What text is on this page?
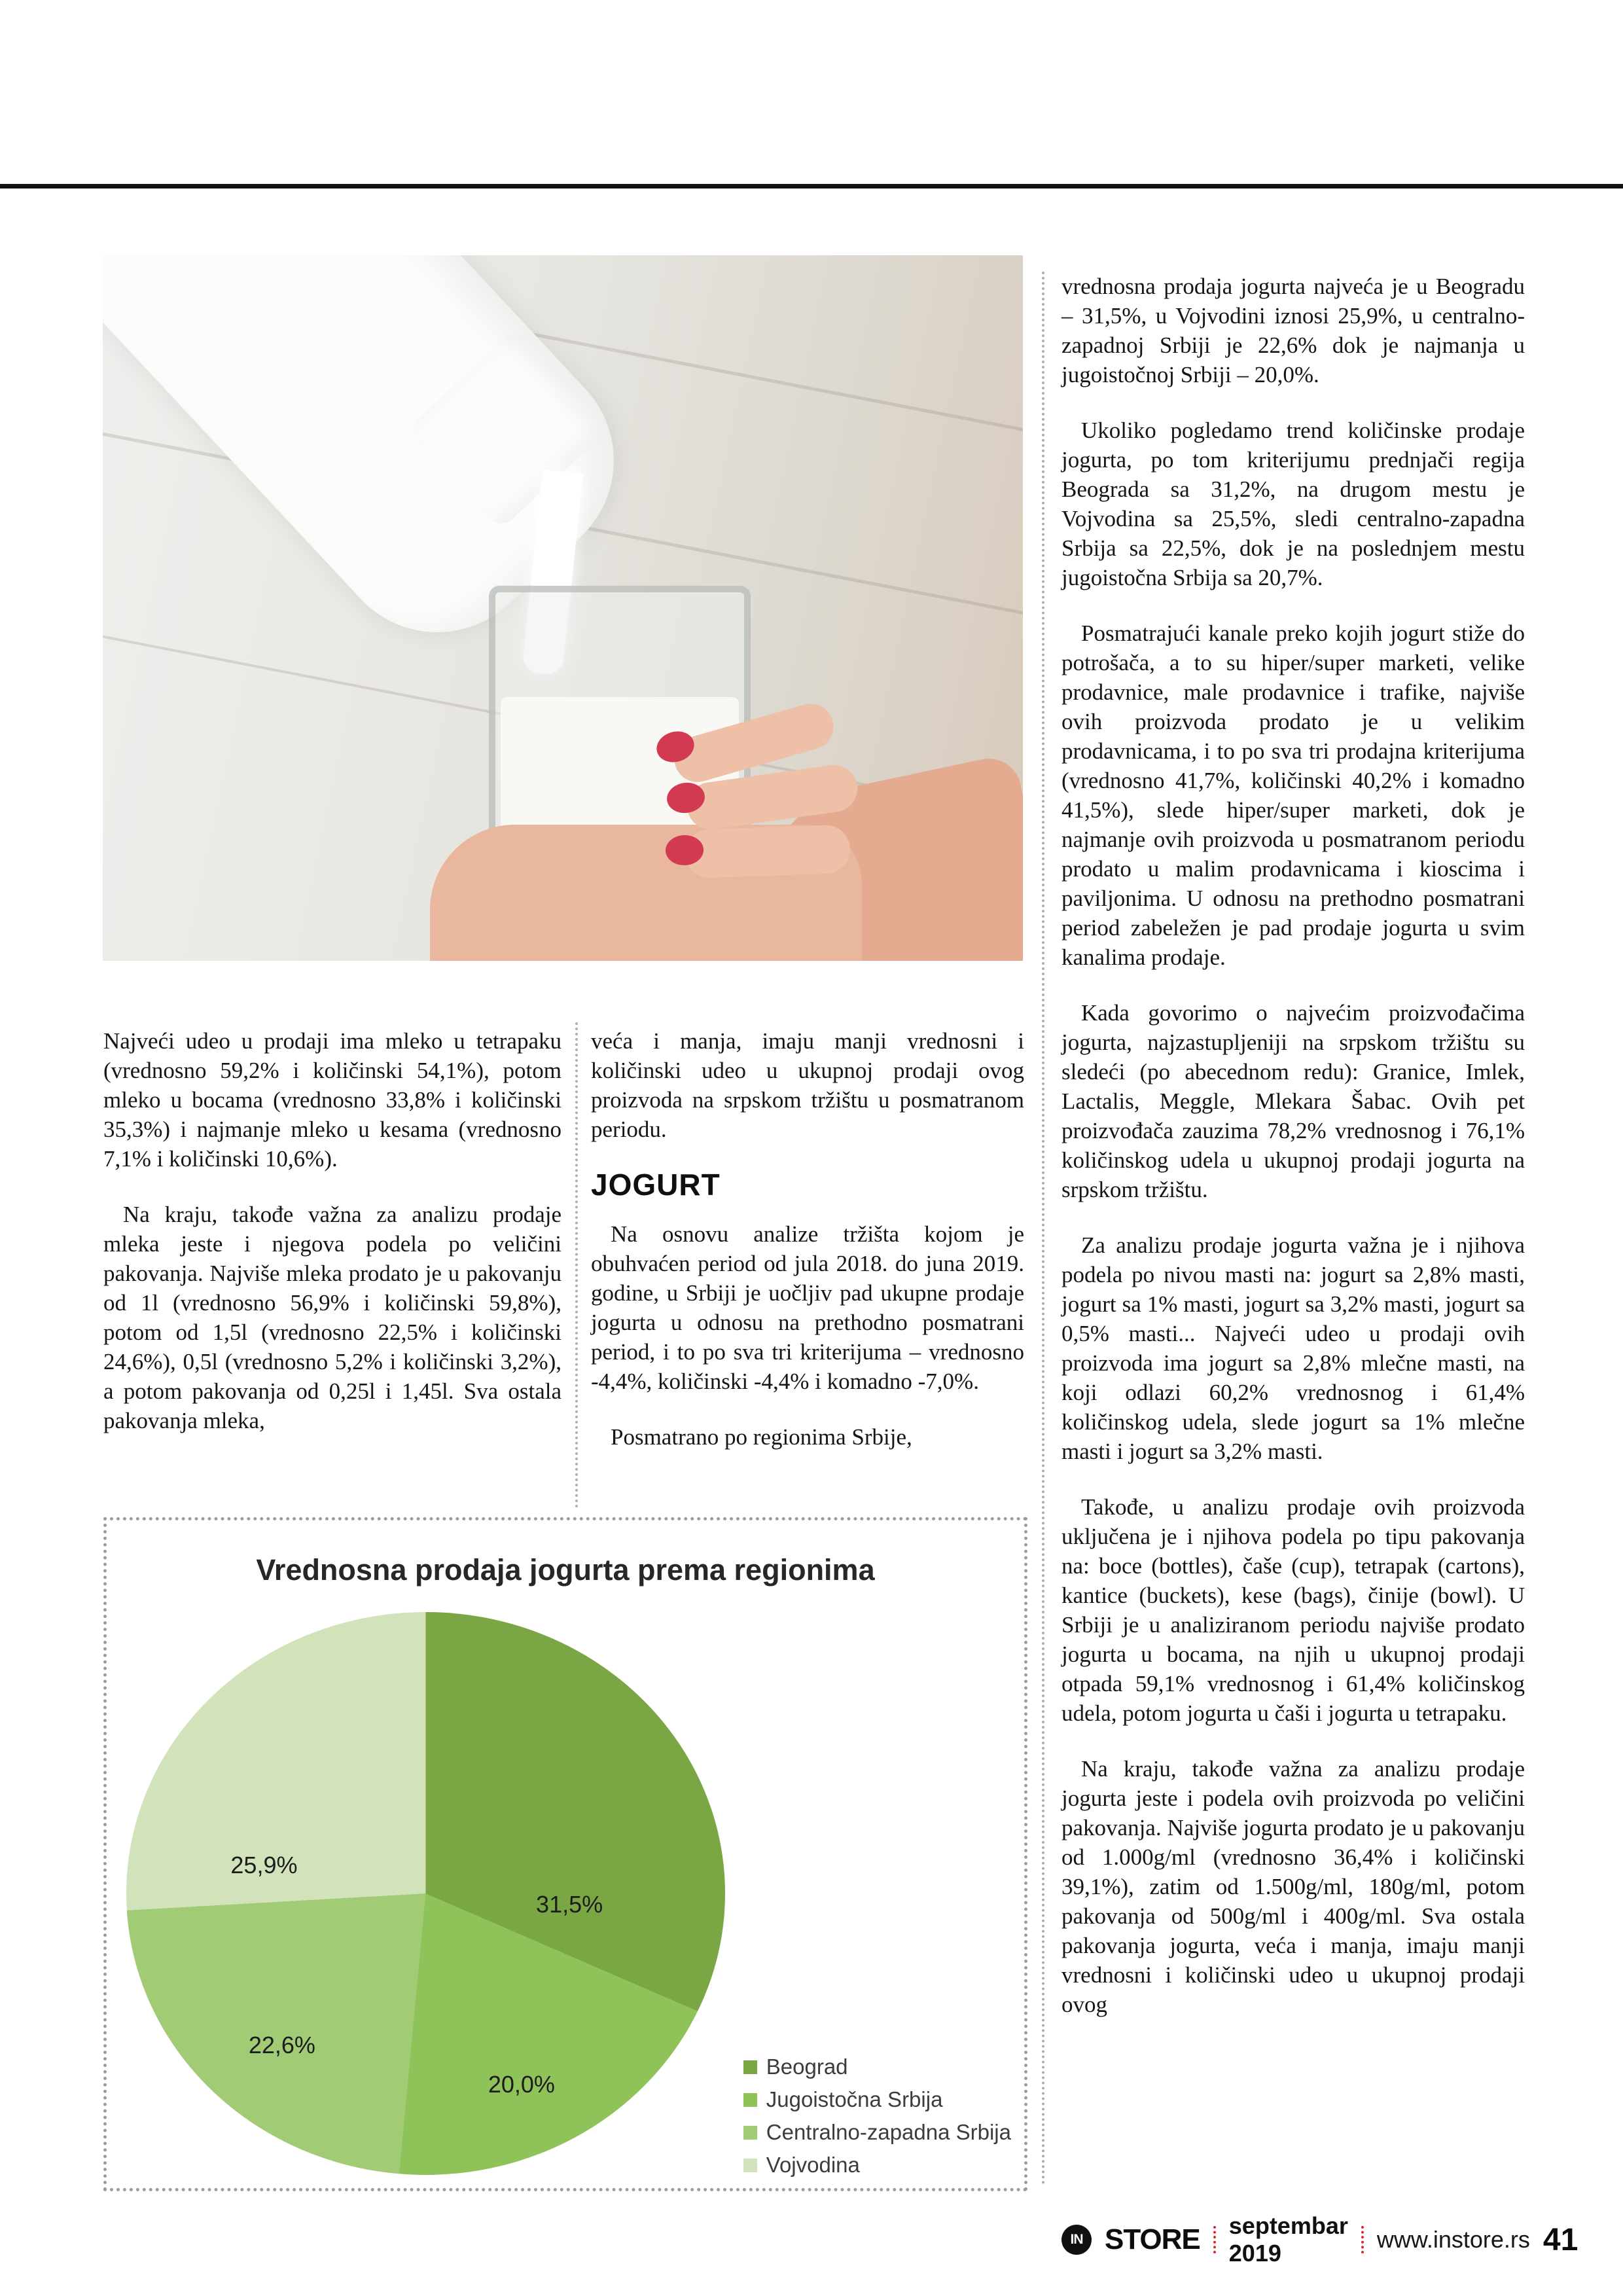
Najveći udeo u prodaji ima mleko u tetrapaku (vrednosno 59,2% i količinski 54,1%), potom mleko u bocama (vrednosno 33,8% i količinski 35,3%) i najmanje mleko u kesama (vrednosno 7,1% i količinski 10,6%).

Na kraju, takođe važna za analizu prodaje mleka jeste i njegova podela po veličini pakovanja. Najviše mleka prodato je u pakovanju od 1l (vrednosno 56,9% i količinski 59,8%), potom od 1,5l (vrednosno 22,5% i količinski 24,6%), 0,5l (vrednosno 5,2% i količinski 3,2%), a potom pakovanja od 0,25l i 1,45l. Sva ostala pakovanja mleka,

veća i manja, imaju manji vrednosni i količinski udeo u ukupnoj prodaji ovog proizvoda na srpskom tržištu u posmatranom periodu.

JOGURT

Na osnovu analize tržišta kojom je obuhvaćen period od jula 2018. do juna 2019. godine, u Srbiji je uočljiv pad ukupne prodaje jogurta u odnosu na prethodno posmatrani period, i to po sva tri kriterijuma – vrednosno -4,4%, količinski -4,4% i komadno -7,0%.

Posmatrano po regionima Srbije,

vrednosna prodaja jogurta najveća je u Beogradu – 31,5%, u Vojvodini iznosi 25,9%, u centralno-zapadnoj Srbiji je 22,6% dok je najmanja u jugoistočnoj Srbiji – 20,0%.

Ukoliko pogledamo trend količinske prodaje jogurta, po tom kriterijumu prednjači regija Beograda sa 31,2%, na drugom mestu je Vojvodina sa 25,5%, sledi centralno-zapadna Srbija sa 22,5%, dok je na poslednjem mestu jugoistočna Srbija sa 20,7%.

Posmatrajući kanale preko kojih jogurt stiže do potrošača, a to su hiper/super marketi, velike prodavnice, male prodavnice i trafike, najviše ovih proizvoda prodato je u velikim prodavnicama, i to po sva tri prodajna kriterijuma (vrednosno 41,7%, količinski 40,2% i komadno 41,5%), slede hiper/super marketi, dok je najmanje ovih proizvoda u posmatranom periodu prodato u malim prodavnicama i kioscima i paviljonima. U odnosu na prethodno posmatrani period zabeležen je pad prodaje jogurta u svim kanalima prodaje.

Kada govorimo o najvećim proizvođačima jogurta, najzastupljeniji na srpskom tržištu su sledeći (po abecednom redu): Granice, Imlek, Lactalis, Meggle, Mlekara Šabac. Ovih pet proizvođača zauzima 78,2% vrednosnog i 76,1% količinskog udela u ukupnoj prodaji jogurta na srpskom tržištu.

Za analizu prodaje jogurta važna je i njihova podela po nivou masti na: jogurt sa 2,8% masti, jogurt sa 1% masti, jogurt sa 3,2% masti, jogurt sa 0,5% masti... Najveći udeo u prodaji ovih proizvoda ima jogurt sa 2,8% mlečne masti, na koji odlazi 60,2% vrednosnog i 61,4% količinskog udela, slede jogurt sa 1% mlečne masti i jogurt sa 3,2% masti.

Takođe, u analizu prodaje ovih proizvoda uključena je i njihova podela po tipu pakovanja na: boce (bottles), čaše (cup), tetrapak (cartons), kantice (buckets), kese (bags), činije (bowl). U Srbiji je u analiziranom periodu najviše prodato jogurta u bocama, na njih u ukupnoj prodaji otpada 59,1% vrednosnog i 61,4% količinskog udela, potom jogurta u čaši i jogurta u tetrapaku.

Na kraju, takođe važna za analizu prodaje jogurta jeste i podela ovih proizvoda po veličini pakovanja. Najviše jogurta prodato je u pakovanju od 1.000g/ml (vrednosno 36,4% i količinski 39,1%), zatim od 1.500g/ml, 180g/ml, potom pakovanja od 500g/ml i 400g/ml. Sva ostala pakovanja jogurta, veća i manja, imaju manji vrednosni i količinski udeo u ukupnoj prodaji ovog

Vrednosna prodaja jogurta prema regionima
31,5%
20,0%
22,6%
25,9%
Beograd
Jugoistočna Srbija
Centralno-zapadna Srbija
Vojvodina
IN STORE septembar 2019
www.instore.rs 41
